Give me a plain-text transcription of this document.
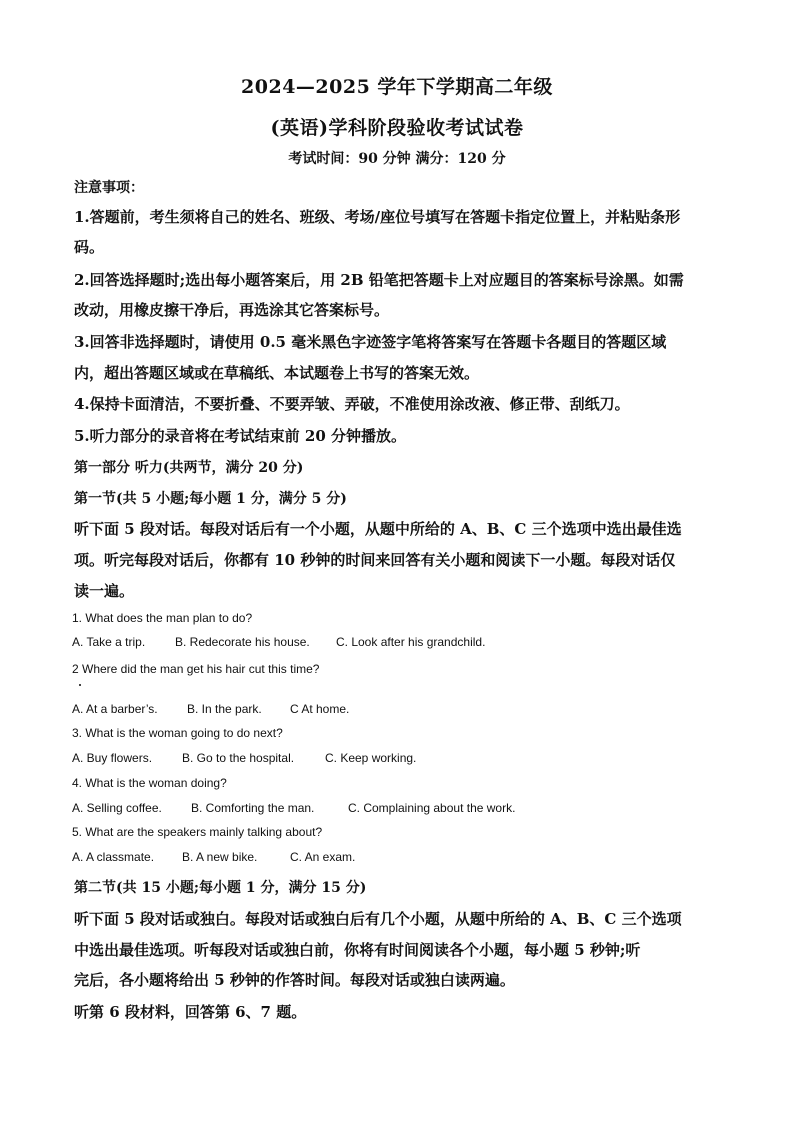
2024—2025 学年下学期高二年级
(英语)学科阶段验收考试试卷
考试时间：90 分钟 满分：120 分
注意事项：
1.答题前，考生须将自己的姓名、班级、考场/座位号填写在答题卡指定位置上，并粘贴条形
码。
2.回答选择题时;选出每小题答案后，用 2B 铅笔把答题卡上对应题目的答案标号涂黑。如需
改动，用橡皮擦干净后，再选涂其它答案标号。
3.回答非选择题时，请使用 0.5 毫米黑色字迹签字笔将答案写在答题卡各题目的答题区域
内，超出答题区域或在草稿纸、本试题卷上书写的答案无效。
4.保持卡面清洁，不要折叠、不要弄皱、弄破，不准使用涂改液、修正带、刮纸刀。
5.听力部分的录音将在考试结束前 20 分钟播放。
第一部分 听力(共两节，满分 20 分)
第一节(共 5 小题;每小题 1 分，满分 5 分)
听下面 5 段对话。每段对话后有一个小题，从题中所给的 A、B、C 三个选项中选出最佳选
项。听完每段对话后，你都有 10 秒钟的时间来回答有关小题和阅读下一小题。每段对话仅
读一遍。
1. What does the man plan to do?
A. Take a trip. B. Redecorate his house. C. Look after his grandchild.
2 Where did the man get his hair cut this time?
A. At a barber’s. B. In the park. C At home.
3. What is the woman going to do next?
A. Buy flowers. B. Go to the hospital.	C. Keep working.
4. What is the woman doing?
A. Selling coffee. B. Comforting the man.	C. Complaining about the work.
5. What are the speakers mainly talking about?
A. A classmate. B. A new bike.	C. An exam.
第二节(共 15 小题;每小题 1 分，满分 15 分)
听下面 5 段对话或独白。每段对话或独白后有几个小题，从题中所给的 A、B、C 三个选项
中选出最佳选项。听每段对话或独白前，你将有时间阅读各个小题，每小题 5 秒钟;听
完后，各小题将给出 5 秒钟的作答时间。每段对话或独白读两遍。
听第 6 段材料，回答第 6、7 题。
